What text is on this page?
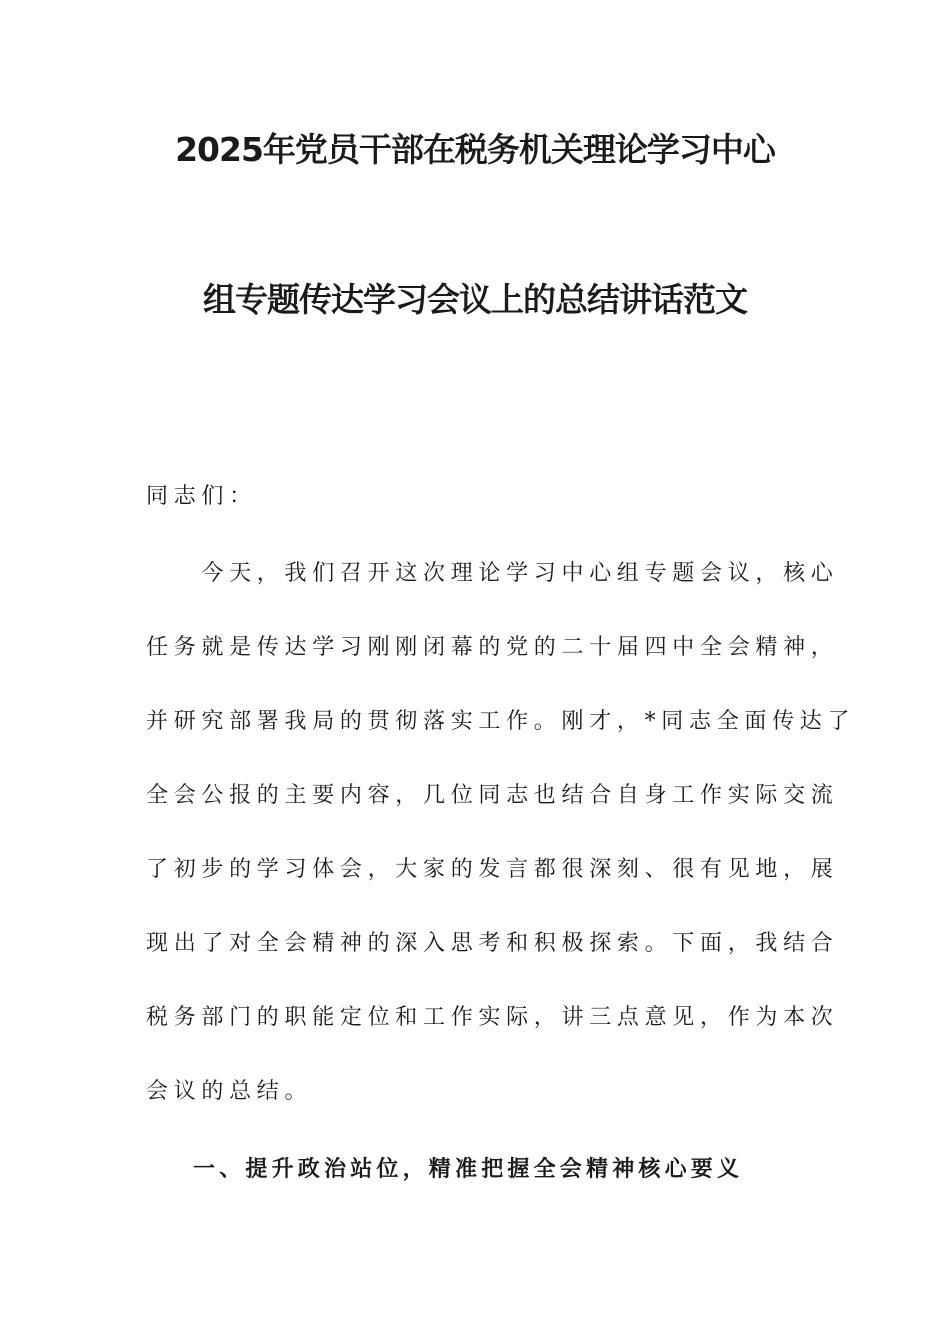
2025年党员干部在税务机关理论学习中心
组专题传达学习会议上的总结讲话范文

同志们：

　　今天，我们召开这次理论学习中心组专题会议，核心

任务就是传达学习刚刚闭幕的党的二十届四中全会精神，

并研究部署我局的贯彻落实工作。刚才，*同志全面传达了

全会公报的主要内容，几位同志也结合自身工作实际交流

了初步的学习体会，大家的发言都很深刻、很有见地，展

现出了对全会精神的深入思考和积极探索。下面，我结合

税务部门的职能定位和工作实际，讲三点意见，作为本次

会议的总结。

一、提升政治站位，精准把握全会精神核心要义
